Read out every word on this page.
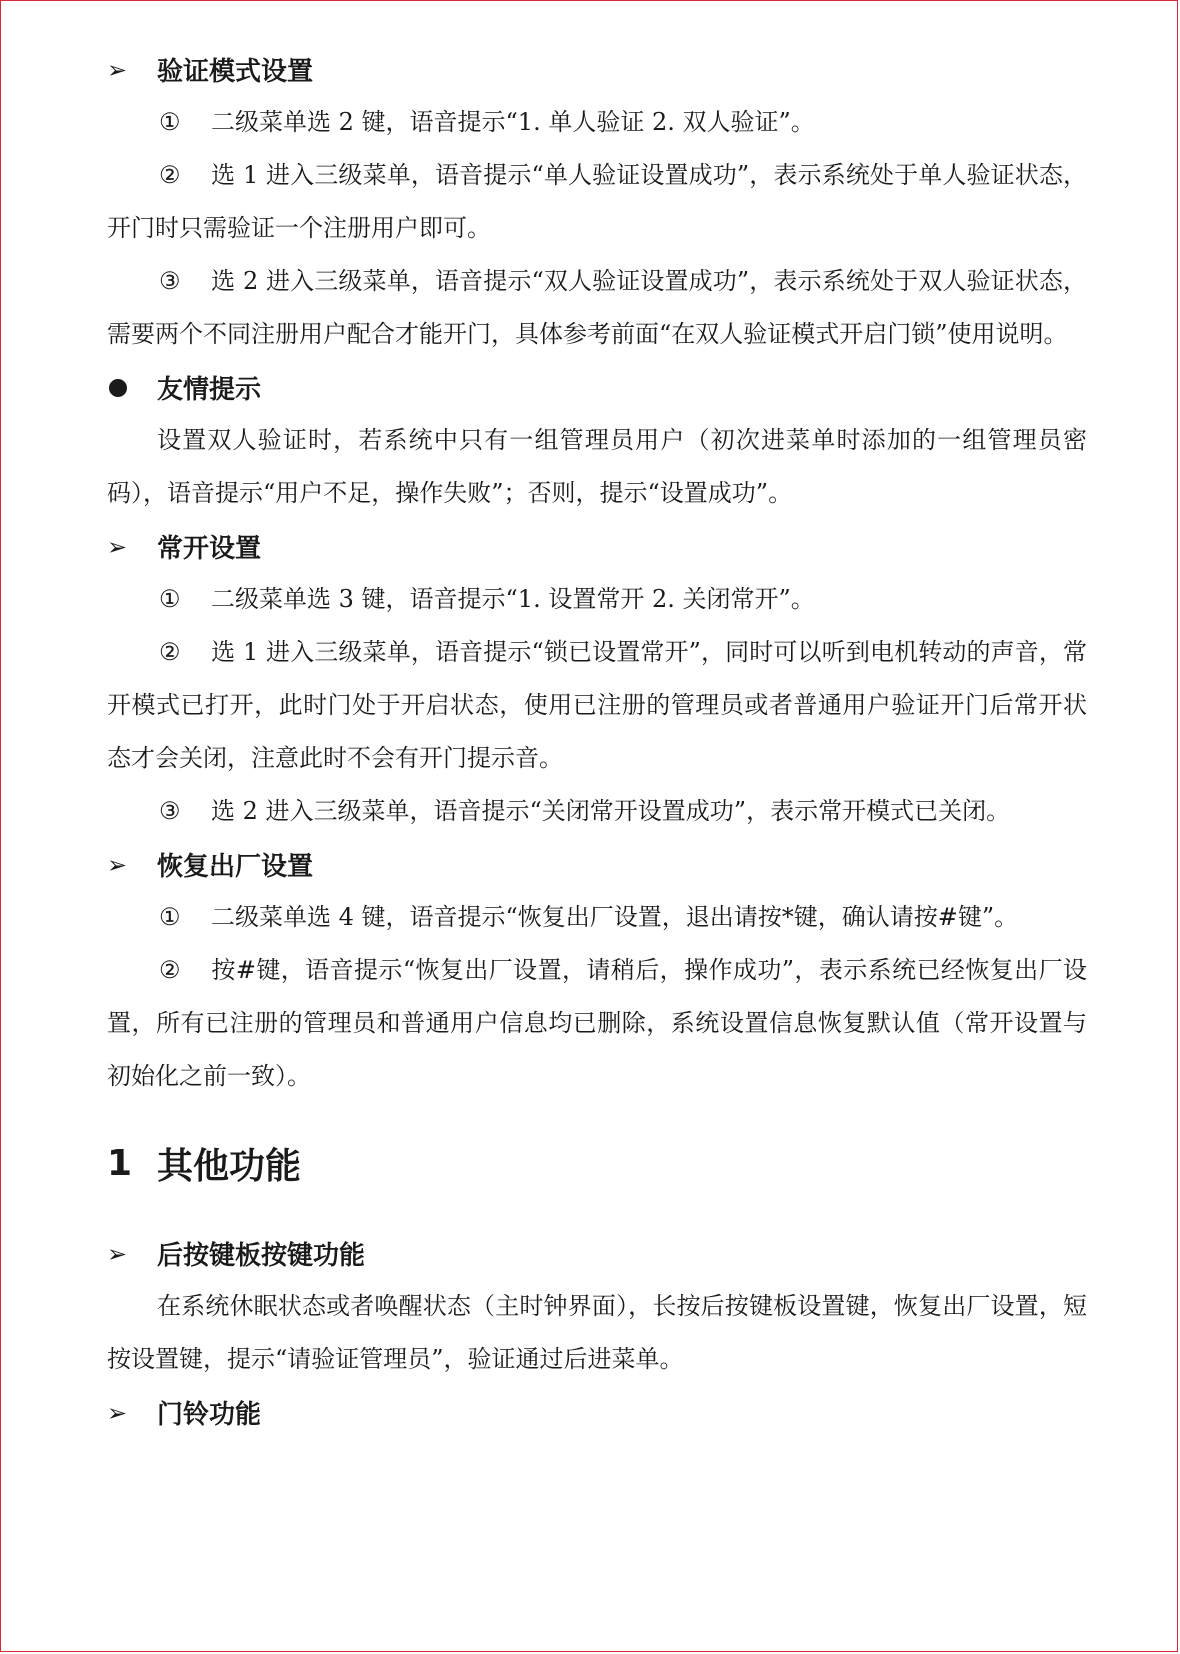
➢	验证模式设置

① 二级菜单选 2 键，语音提示“1. 单人验证 2. 双人验证”。

② 选 1 进入三级菜单，语音提示“单人验证设置成功”，表示系统处于单人验证状态，开门时只需验证一个注册用户即可。

③ 选 2 进入三级菜单，语音提示“双人验证设置成功”，表示系统处于双人验证状态，需要两个不同注册用户配合才能开门，具体参考前面“在双人验证模式开启门锁”使用说明。

友情提示

设置双人验证时，若系统中只有一组管理员用户（初次进菜单时添加的一组管理员密码），语音提示“用户不足，操作失败”；否则，提示“设置成功”。

➢	常开设置

① 二级菜单选 3 键，语音提示“1. 设置常开 2. 关闭常开”。

② 选 1 进入三级菜单，语音提示“锁已设置常开”，同时可以听到电机转动的声音，常开模式已打开，此时门处于开启状态，使用已注册的管理员或者普通用户验证开门后常开状态才会关闭，注意此时不会有开门提示音。

③ 选 2 进入三级菜单，语音提示“关闭常开设置成功”，表示常开模式已关闭。

➢	恢复出厂设置

① 二级菜单选 4 键，语音提示“恢复出厂设置，退出请按*键，确认请按#键”。

② 按#键，语音提示“恢复出厂设置，请稍后，操作成功”，表示系统已经恢复出厂设置，所有已注册的管理员和普通用户信息均已删除，系统设置信息恢复默认值（常开设置与初始化之前一致）。

1 其他功能
➢	后按键板按键功能

在系统休眠状态或者唤醒状态（主时钟界面），长按后按键板设置键，恢复出厂设置，短按设置键，提示“请验证管理员”，验证通过后进菜单。

➢	门铃功能
